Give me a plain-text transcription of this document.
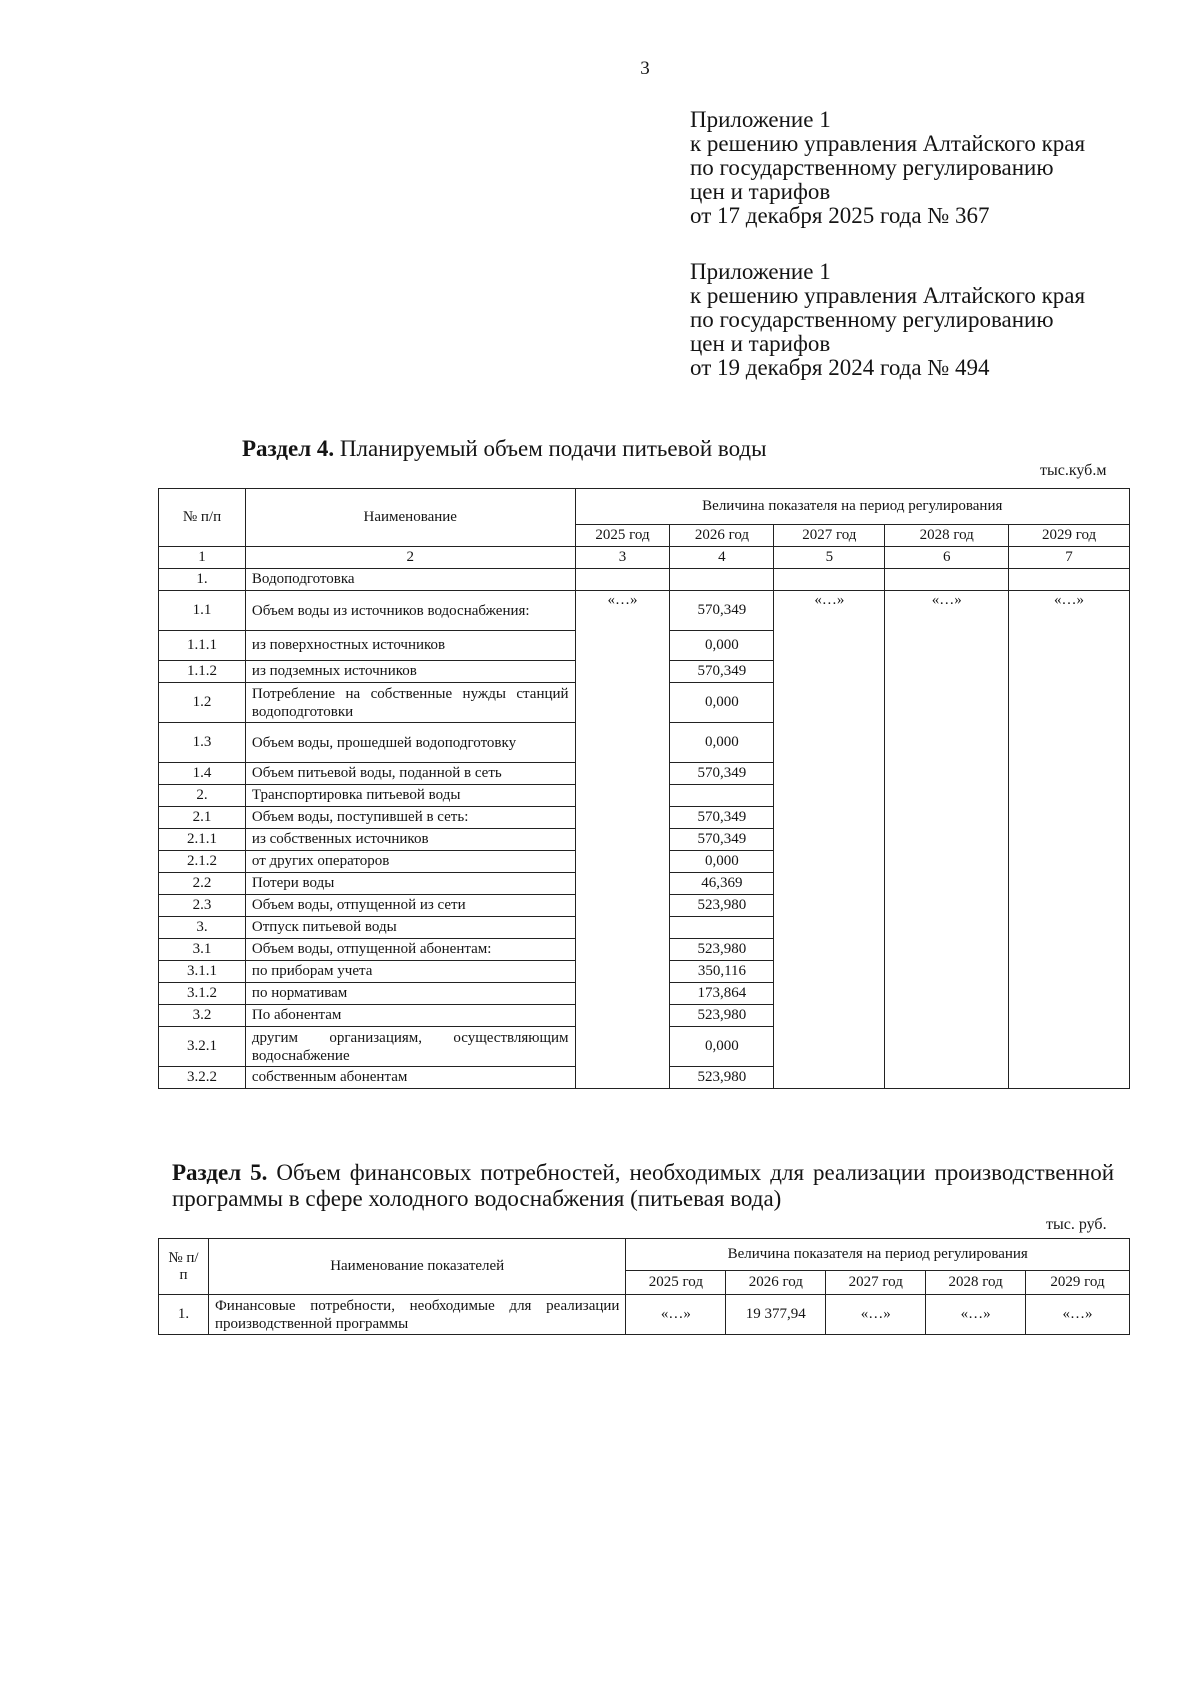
3
Приложение 1
к решению управления Алтайского края
по государственному регулированию
цен и тарифов
от 17 декабря 2025 года № 367
Приложение 1
к решению управления Алтайского края
по государственному регулированию
цен и тарифов
от 19 декабря 2024 года № 494
Раздел 4. Планируемый объем подачи питьевой воды
тыс.куб.м
№ п/п	Наименование	Величина показателя на период регулирования				
		2025 год	2026 год	2027 год	2028 год	2029 год
1	2	3	4	5	6	7
1.	Водоподготовка					
1.1	Объем воды из источников водоснабжения:	«…»	570,349	«…»	«…»	«…»
1.1.1	из поверхностных источников		0,000			
1.1.2	из подземных источников		570,349			
1.2	Потребление на собственные нужды станций водоподготовки		0,000			
1.3	Объем воды, прошедшей водоподготовку		0,000			
1.4	Объем питьевой воды, поданной в сеть		570,349			
2.	Транспортировка питьевой воды					
2.1	Объем воды, поступившей в сеть:		570,349			
2.1.1	из собственных источников		570,349			
2.1.2	от других операторов		0,000			
2.2	Потери воды		46,369			
2.3	Объем воды, отпущенной из сети		523,980			
3.	Отпуск питьевой воды					
3.1	Объем воды, отпущенной абонентам:		523,980			
3.1.1	по приборам учета		350,116			
3.1.2	по нормативам		173,864			
3.2	По абонентам		523,980			
3.2.1	другим организациям, осуществляющим водоснабжение		0,000			
3.2.2	собственным абонентам		523,980			
Раздел 5. Объем финансовых потребностей, необходимых для реализации производственной программы в сфере холодного водоснабжения (питьевая вода)
тыс. руб.
№ п/п	Наименование показателей	Величина показателя на период регулирования				
		2025 год	2026 год	2027 год	2028 год	2029 год
1.	Финансовые потребности, необходимые для реализации производственной программы	«…»	19 377,94	«…»	«…»	«…»
